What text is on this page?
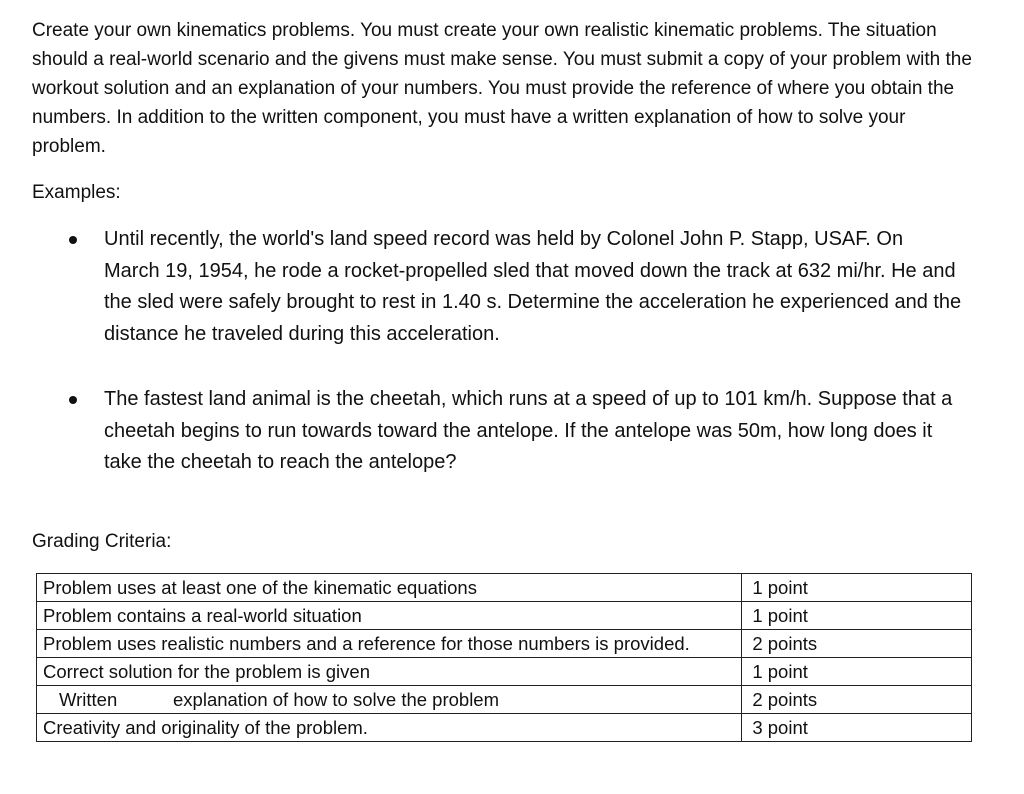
Create your own kinematics problems. You must create your own realistic kinematic problems. The situation should a real-world scenario and the givens must make sense. You must submit a copy of your problem with the workout solution and an explanation of your numbers. You must provide the reference of where you obtain the numbers. In addition to the written component, you must have a written explanation of how to solve your problem.

Examples:

Until recently, the world's land speed record was held by Colonel John P. Stapp, USAF. On March 19, 1954, he rode a rocket-propelled sled that moved down the track at 632 mi/hr. He and the sled were safely brought to rest in 1.40 s. Determine the acceleration he experienced and the distance he traveled during this acceleration.
The fastest land animal is the cheetah, which runs at a speed of up to 101 km/h. Suppose that a cheetah begins to run towards toward the antelope. If the antelope was 50m, how long does it take the cheetah to reach the antelope?

Grading Criteria:

Problem uses at least one of the kinematic equations	1 point
Problem contains a real-world situation	1 point
Problem uses realistic numbers and a reference for those numbers is provided.	2 points
Correct solution for the problem is given	1 point
Written explanation of how to solve the problem	2 points
Creativity and originality of the problem.	3 point
